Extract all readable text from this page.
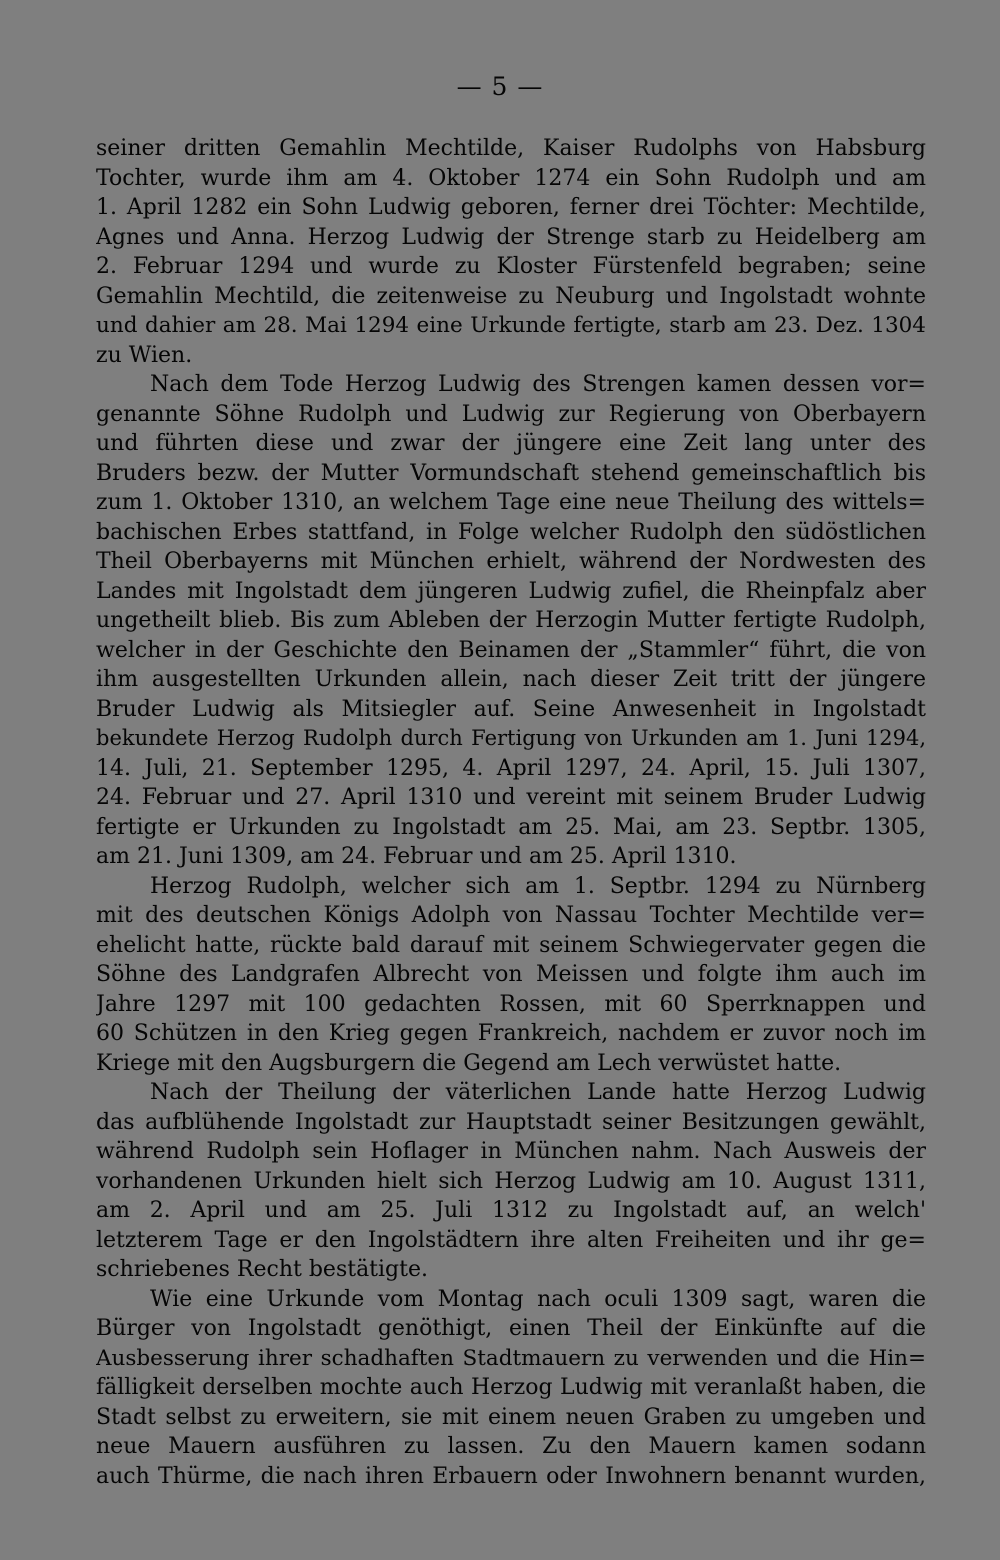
— 5 —
seiner dritten Gemahlin Mechtilde, Kaiser Rudolphs von Habsburg
Tochter, wurde ihm am 4. Oktober 1274 ein Sohn Rudolph und am
1. April 1282 ein Sohn Ludwig geboren, ferner drei Töchter: Mechtilde,
Agnes und Anna. Herzog Ludwig der Strenge starb zu Heidelberg am
2. Februar 1294 und wurde zu Kloster Fürstenfeld begraben; seine
Gemahlin Mechtild, die zeitenweise zu Neuburg und Ingolstadt wohnte
und dahier am 28. Mai 1294 eine Urkunde fertigte, starb am 23. Dez. 1304
zu Wien.
Nach dem Tode Herzog Ludwig des Strengen kamen dessen vor=
genannte Söhne Rudolph und Ludwig zur Regierung von Oberbayern
und führten diese und zwar der jüngere eine Zeit lang unter des
Bruders bezw. der Mutter Vormundschaft stehend gemeinschaftlich bis
zum 1. Oktober 1310, an welchem Tage eine neue Theilung des wittels=
bachischen Erbes stattfand, in Folge welcher Rudolph den südöstlichen
Theil Oberbayerns mit München erhielt, während der Nordwesten des
Landes mit Ingolstadt dem jüngeren Ludwig zufiel, die Rheinpfalz aber
ungetheilt blieb. Bis zum Ableben der Herzogin Mutter fertigte Rudolph,
welcher in der Geschichte den Beinamen der „Stammler“ führt, die von
ihm ausgestellten Urkunden allein, nach dieser Zeit tritt der jüngere
Bruder Ludwig als Mitsiegler auf. Seine Anwesenheit in Ingolstadt
bekundete Herzog Rudolph durch Fertigung von Urkunden am 1. Juni 1294,
14. Juli, 21. September 1295, 4. April 1297, 24. April, 15. Juli 1307,
24. Februar und 27. April 1310 und vereint mit seinem Bruder Ludwig
fertigte er Urkunden zu Ingolstadt am 25. Mai, am 23. Septbr. 1305,
am 21. Juni 1309, am 24. Februar und am 25. April 1310.
Herzog Rudolph, welcher sich am 1. Septbr. 1294 zu Nürnberg
mit des deutschen Königs Adolph von Nassau Tochter Mechtilde ver=
ehelicht hatte, rückte bald darauf mit seinem Schwiegervater gegen die
Söhne des Landgrafen Albrecht von Meissen und folgte ihm auch im
Jahre 1297 mit 100 gedachten Rossen, mit 60 Sperrknappen und
60 Schützen in den Krieg gegen Frankreich, nachdem er zuvor noch im
Kriege mit den Augsburgern die Gegend am Lech verwüstet hatte.
Nach der Theilung der väterlichen Lande hatte Herzog Ludwig
das aufblühende Ingolstadt zur Hauptstadt seiner Besitzungen gewählt,
während Rudolph sein Hoflager in München nahm. Nach Ausweis der
vorhandenen Urkunden hielt sich Herzog Ludwig am 10. August 1311,
am 2. April und am 25. Juli 1312 zu Ingolstadt auf, an welch'
letzterem Tage er den Ingolstädtern ihre alten Freiheiten und ihr ge=
schriebenes Recht bestätigte.
Wie eine Urkunde vom Montag nach oculi 1309 sagt, waren die
Bürger von Ingolstadt genöthigt, einen Theil der Einkünfte auf die
Ausbesserung ihrer schadhaften Stadtmauern zu verwenden und die Hin=
fälligkeit derselben mochte auch Herzog Ludwig mit veranlaßt haben, die
Stadt selbst zu erweitern, sie mit einem neuen Graben zu umgeben und
neue Mauern ausführen zu lassen. Zu den Mauern kamen sodann
auch Thürme, die nach ihren Erbauern oder Inwohnern benannt wurden,
